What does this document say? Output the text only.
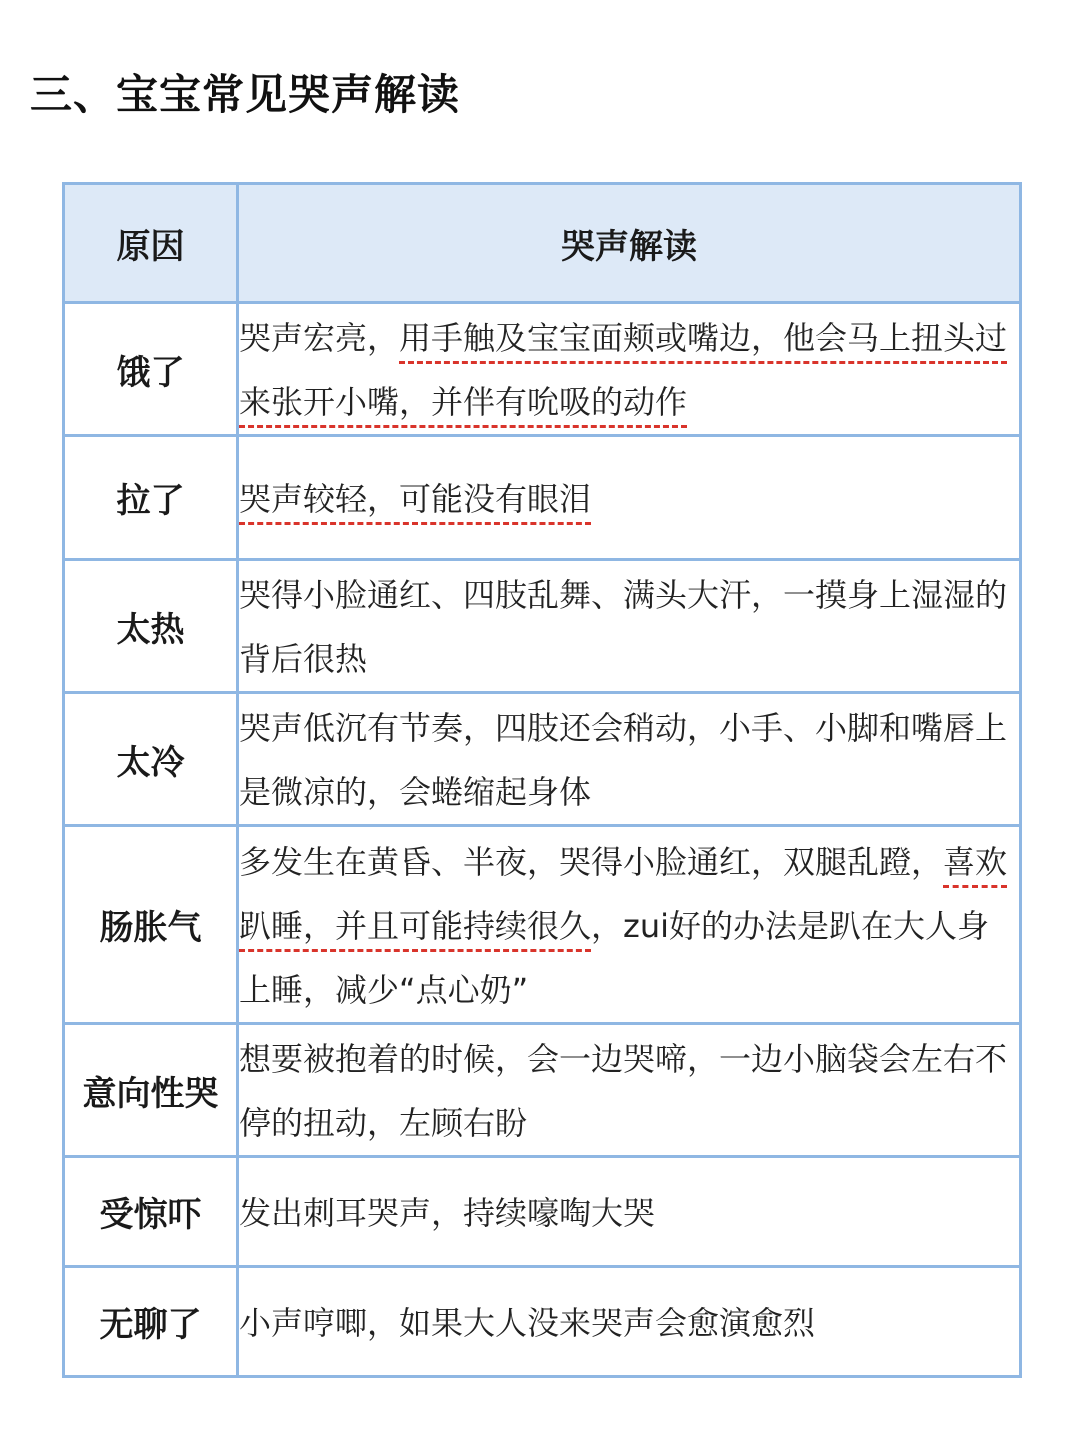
三、宝宝常见哭声解读
原因	哭声解读
饿了	哭声宏亮，用手触及宝宝面颊或嘴边，他会马上扭头过来张开小嘴，并伴有吮吸的动作

拉了	哭声较轻，可能没有眼泪

太热	哭得小脸通红、四肢乱舞、满头大汗，一摸身上湿湿的背后很热

太冷	哭声低沉有节奏，四肢还会稍动，小手、小脚和嘴唇上是微凉的，会蜷缩起身体

肠胀气	多发生在黄昏、半夜，哭得小脸通红，双腿乱蹬，喜欢趴睡，并且可能持续很久，zui好的办法是趴在大人身上睡，减少“点心奶”

意向性哭	想要被抱着的时候，会一边哭啼，一边小脑袋会左右不停的扭动，左顾右盼

受惊吓	发出刺耳哭声，持续嚎啕大哭

无聊了	小声哼唧，如果大人没来哭声会愈演愈烈
